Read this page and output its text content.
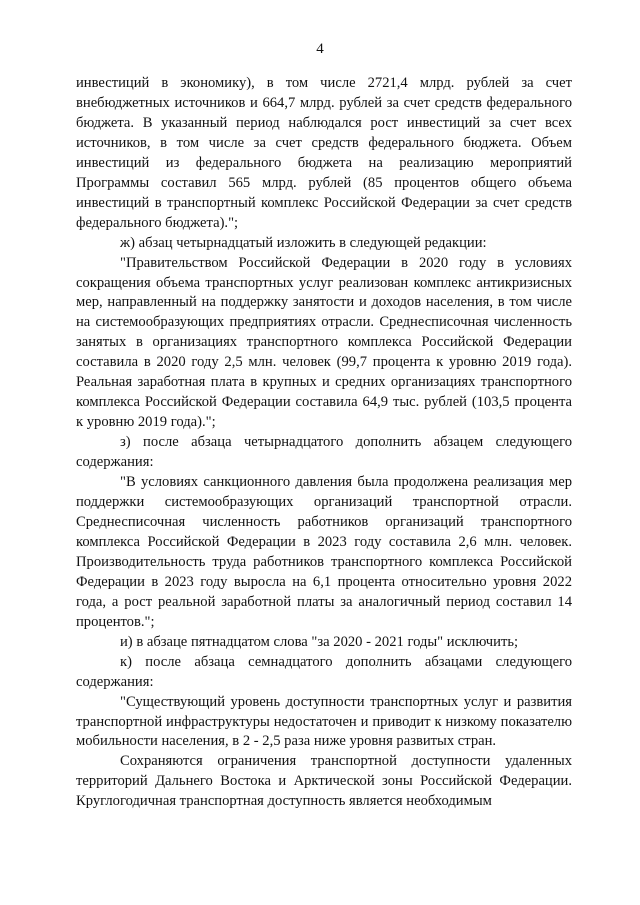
4

инвестиций в экономику), в том числе 2721,4 млрд. рублей за счет внебюджетных источников и 664,7 млрд. рублей за счет средств федерального бюджета. В указанный период наблюдался рост инвестиций за счет всех источников, в том числе за счет средств федерального бюджета. Объем инвестиций из федерального бюджета на реализацию мероприятий Программы составил 565 млрд. рублей (85 процентов общего объема инвестиций в транспортный комплекс Российской Федерации за счет средств федерального бюджета).";

ж) абзац четырнадцатый изложить в следующей редакции:

"Правительством Российской Федерации в 2020 году в условиях сокращения объема транспортных услуг реализован комплекс антикризисных мер, направленный на поддержку занятости и доходов населения, в том числе на системообразующих предприятиях отрасли. Среднесписочная численность занятых в организациях транспортного комплекса Российской Федерации составила в 2020 году 2,5 млн. человек (99,7 процента к уровню 2019 года). Реальная заработная плата в крупных и средних организациях транспортного комплекса Российской Федерации составила 64,9 тыс. рублей (103,5 процента к уровню 2019 года).";

з) после абзаца четырнадцатого дополнить абзацем следующего содержания:

"В условиях санкционного давления была продолжена реализация мер поддержки системообразующих организаций транспортной отрасли. Среднесписочная численность работников организаций транспортного комплекса Российской Федерации в 2023 году составила 2,6 млн. человек. Производительность труда работников транспортного комплекса Российской Федерации в 2023 году выросла на 6,1 процента относительно уровня 2022 года, а рост реальной заработной платы за аналогичный период составил 14 процентов.";

и) в абзаце пятнадцатом слова "за 2020 - 2021 годы" исключить;

к) после абзаца семнадцатого дополнить абзацами следующего содержания:

"Существующий уровень доступности транспортных услуг и развития транспортной инфраструктуры недостаточен и приводит к низкому показателю мобильности населения, в 2 - 2,5 раза ниже уровня развитых стран.

Сохраняются ограничения транспортной доступности удаленных территорий Дальнего Востока и Арктической зоны Российской Федерации. Круглогодичная транспортная доступность является необходимым
